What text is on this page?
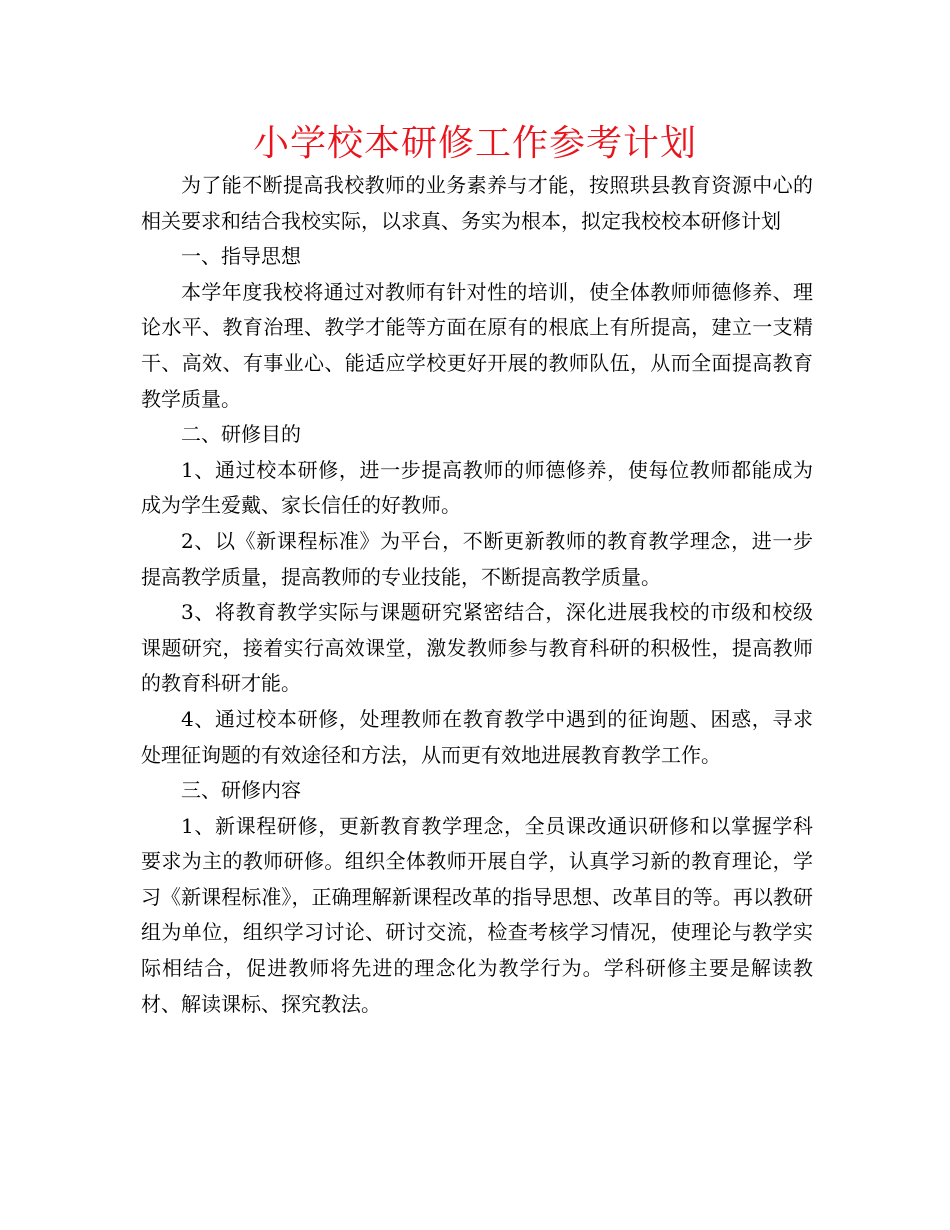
小学校本研修工作参考计划

为了能不断提高我校教师的业务素养与才能，按照珙县教育资源中心的相关要求和结合我校实际，以求真、务实为根本，拟定我校校本研修计划

一、指导思想

本学年度我校将通过对教师有针对性的培训，使全体教师师德修养、理论水平、教育治理、教学才能等方面在原有的根底上有所提高，建立一支精干、高效、有事业心、能适应学校更好开展的教师队伍，从而全面提高教育教学质量。

二、研修目的

1、通过校本研修，进一步提高教师的师德修养，使每位教师都能成为成为学生爱戴、家长信任的好教师。

2、以《新课程标准》为平台，不断更新教师的教育教学理念，进一步提高教学质量，提高教师的专业技能，不断提高教学质量。

3、将教育教学实际与课题研究紧密结合，深化进展我校的市级和校级课题研究，接着实行高效课堂，激发教师参与教育科研的积极性，提高教师的教育科研才能。

4、通过校本研修，处理教师在教育教学中遇到的征询题、困惑，寻求处理征询题的有效途径和方法，从而更有效地进展教育教学工作。

三、研修内容

1、新课程研修，更新教育教学理念，全员课改通识研修和以掌握学科要求为主的教师研修。组织全体教师开展自学，认真学习新的教育理论，学习《新课程标准》，正确理解新课程改革的指导思想、改革目的等。再以教研组为单位，组织学习讨论、研讨交流，检查考核学习情况，使理论与教学实际相结合，促进教师将先进的理念化为教学行为。学科研修主要是解读教材、解读课标、探究教法。
